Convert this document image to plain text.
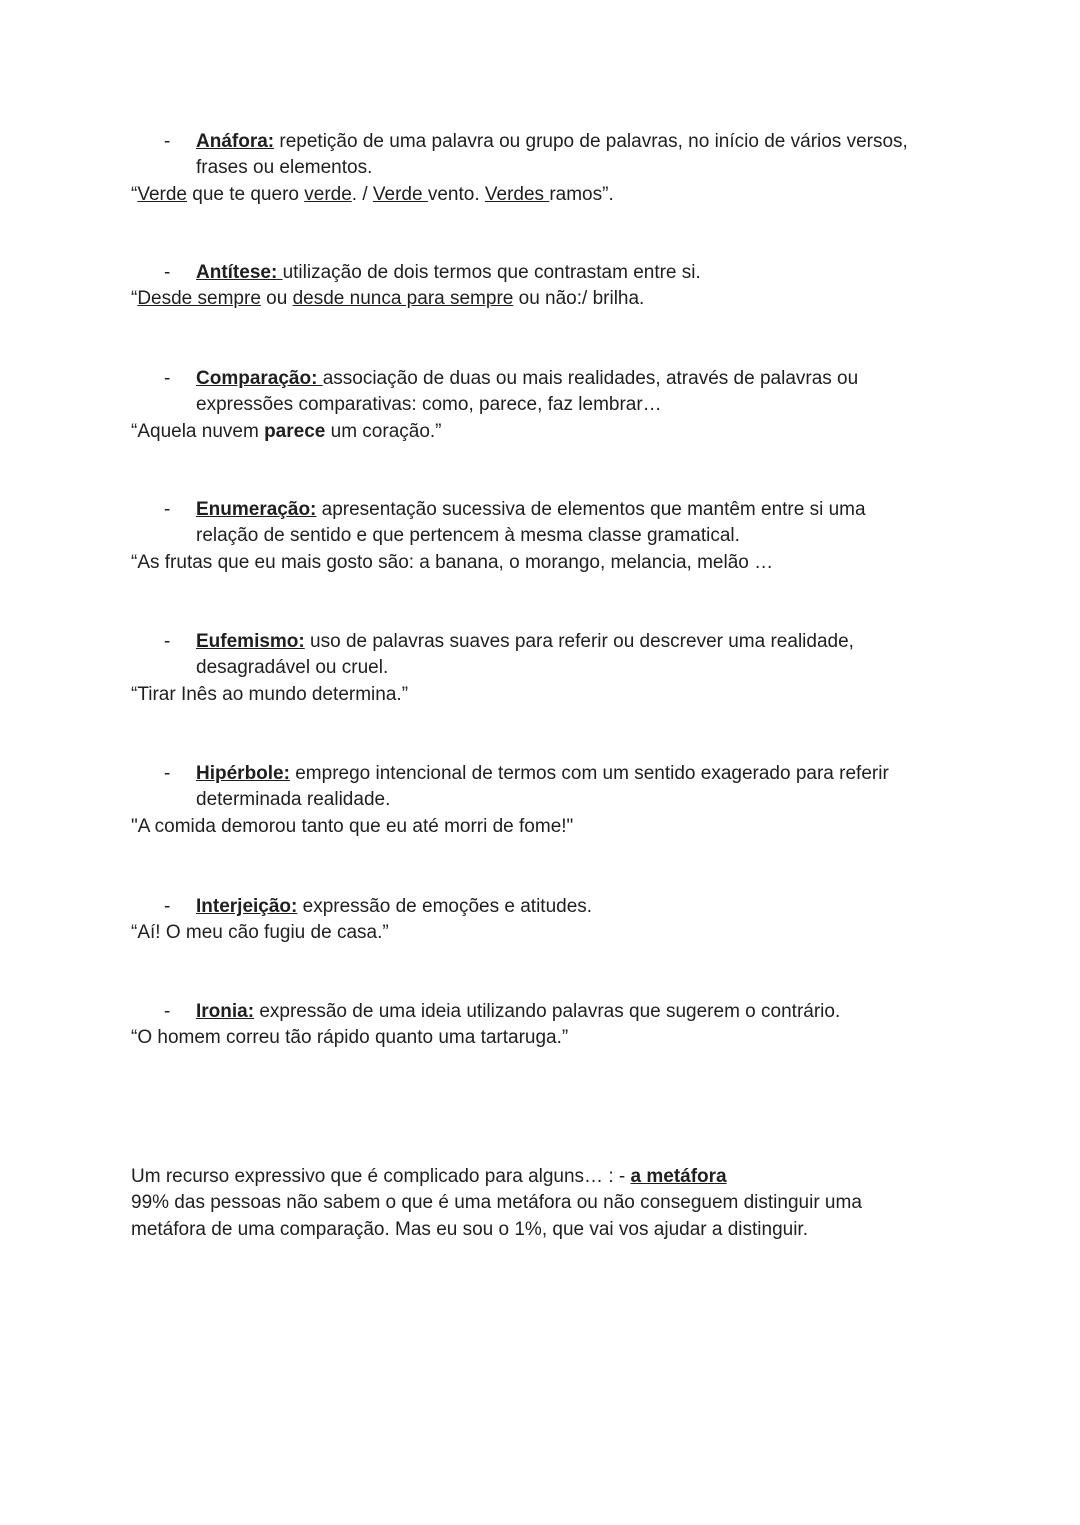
- Anáfora: repetição de uma palavra ou grupo de palavras, no início de vários versos,
frases ou elementos.
“Verde que te quero verde. / Verde vento. Verdes ramos”.
- Antítese: utilização de dois termos que contrastam entre si.
“Desde sempre ou desde nunca para sempre ou não:/ brilha.
- Comparação: associação de duas ou mais realidades, através de palavras ou
expressões comparativas: como, parece, faz lembrar…
“Aquela nuvem parece um coração.”
- Enumeração: apresentação sucessiva de elementos que mantêm entre si uma
relação de sentido e que pertencem à mesma classe gramatical.
“As frutas que eu mais gosto são: a banana, o morango, melancia, melão …
- Eufemismo: uso de palavras suaves para referir ou descrever uma realidade,
desagradável ou cruel.
“Tirar Inês ao mundo determina.”
- Hipérbole: emprego intencional de termos com um sentido exagerado para referir
determinada realidade.
"A comida demorou tanto que eu até morri de fome!"
- Interjeição: expressão de emoções e atitudes.
“Aí! O meu cão fugiu de casa.”
- Ironia: expressão de uma ideia utilizando palavras que sugerem o contrário.
“O homem correu tão rápido quanto uma tartaruga.”
Um recurso expressivo que é complicado para alguns… : - a metáfora
99% das pessoas não sabem o que é uma metáfora ou não conseguem distinguir uma
metáfora de uma comparação. Mas eu sou o 1%, que vai vos ajudar a distinguir.
